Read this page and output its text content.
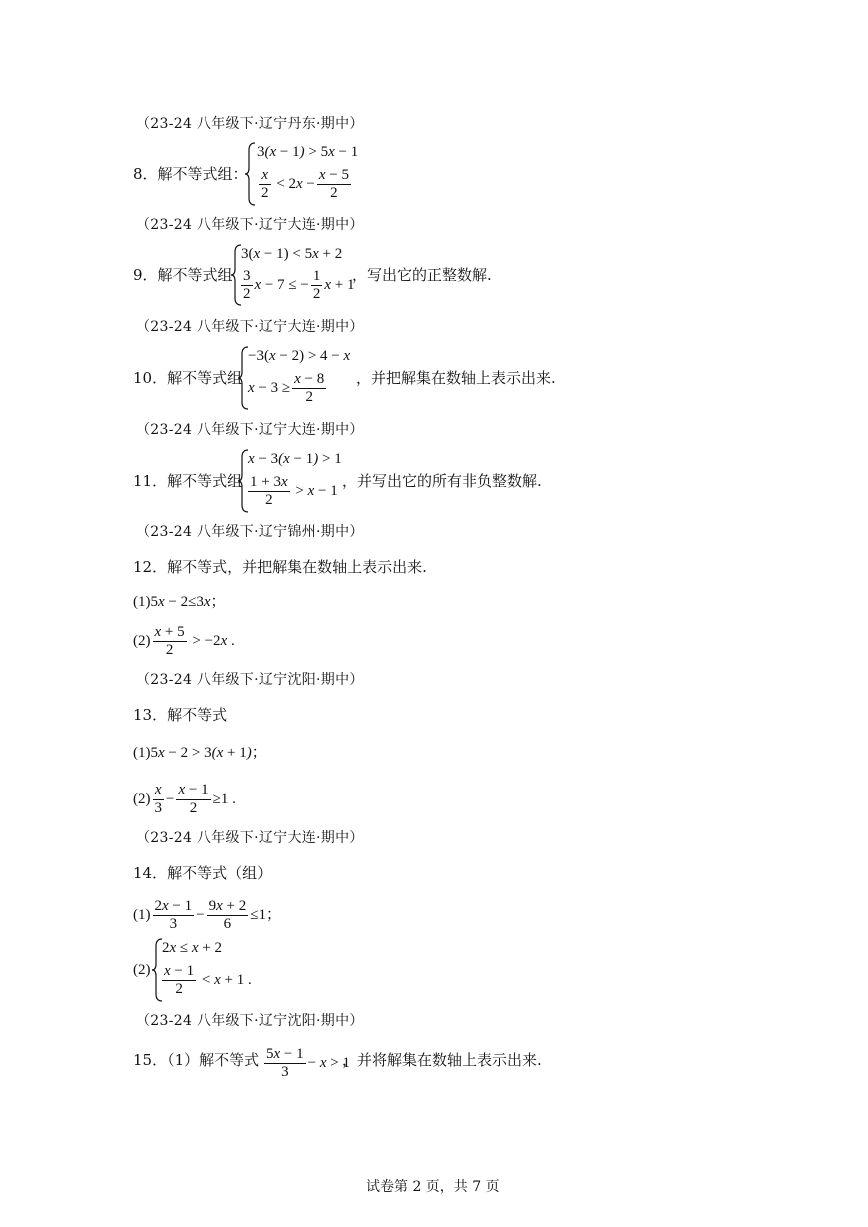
（23-24 八年级下·辽宁丹东·期中）
8．解不等式组：
3(x − 1) > 5x − 1
$\frac{x}{2} < 2x - \frac{x - 5}{2}$
（23-24 八年级下·辽宁大连·期中）
9．解不等式组
3(x − 1) < 5x + 2
$\frac{3}{2}$ x − 7 ≤ − $\frac{1}{2}$ x + 1
，写出它的正整数解.
（23-24 八年级下·辽宁大连·期中）
10．解不等式组
−3(x − 2) > 4 − x
$x - 3 \ge \frac{x - 8}{2}$ ，并把解集在数轴上表示出来.
（23-24 八年级下·辽宁大连·期中）
11．解不等式组
x − 3(x − 1) > 1
$\frac{1 + 3x}{2} > x - 1$
，并写出它的所有非负整数解.
（23-24 八年级下·辽宁锦州·期中）
12．解不等式，并把解集在数轴上表示出来.
(1)5x − 2≤3x；
$(2) \frac{x + 5}{2} > -2x$ .
（23-24 八年级下·辽宁沈阳·期中）
13．解不等式
(1)5x − 2 > 3(x + 1)；
$(2) \frac{x}{3} - \frac{x - 1}{2} \ge 1$ .
（23-24 八年级下·辽宁大连·期中）
14．解不等式（组）
$(1) \frac{2x - 1}{3} - \frac{9x + 2}{6} \le 1$；
(2)
2x ≤ x + 2
$\frac{x - 1}{2} < x + 1$ .
（23-24 八年级下·辽宁沈阳·期中）
15．（1）解不等式 $\frac{5x - 1}{3} - x > 1$
，并将解集在数轴上表示出来.
试卷第 2 页，共 7 页
